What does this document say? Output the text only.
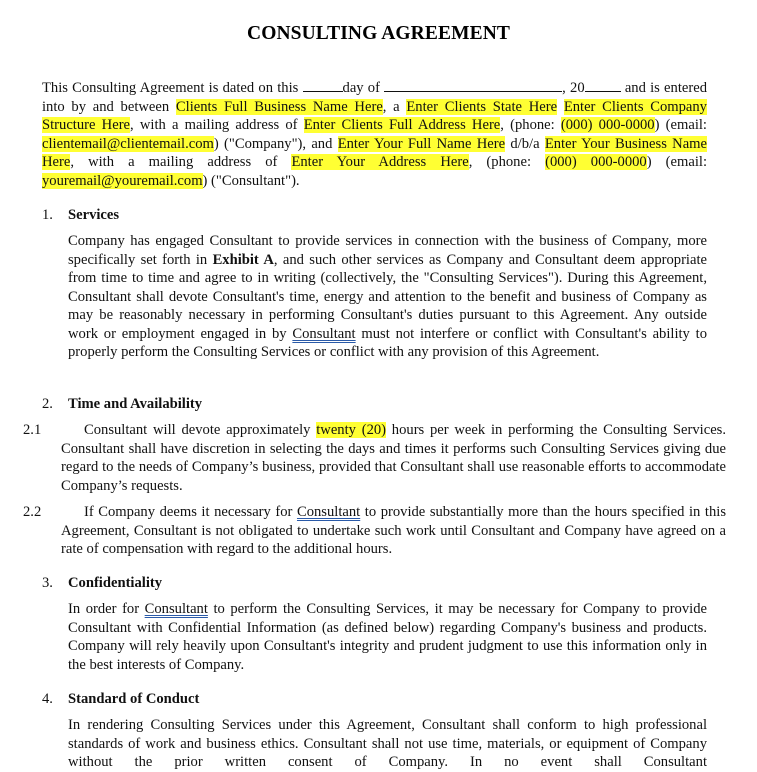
CONSULTING AGREEMENT
This Consulting Agreement is dated on this	day of	, 20 and is entered into by and between Clients Full Business Name Here, a Enter Clients State Here Enter Clients Company Structure Here, with a mailing address of Enter Clients Full Address Here, (phone: (000) 000-0000) (email: clientemail@clientemail.com) ("Company"), and Enter Your Full Name Here d/b/a Enter Your Business Name Here, with a mailing address of Enter Your Address Here, (phone: (000) 000-0000) (email: youremail@youremail.com) ("Consultant").
1. Services
Company has engaged Consultant to provide services in connection with the business of Company, more specifically set forth in Exhibit A, and such other services as Company and Consultant deem appropriate from time to time and agree to in writing (collectively, the "Consulting Services"). During this Agreement, Consultant shall devote Consultant's time, energy and attention to the benefit and business of Company as may be reasonably necessary in performing Consultant's duties pursuant to this Agreement. Any outside work or employment engaged in by Consultant must not interfere or conflict with Consultant's ability to properly perform the Consulting Services or conflict with any provision of this Agreement.
2. Time and Availability
2.1	Consultant will devote approximately twenty (20) hours per week in performing the Consulting Services. Consultant shall have discretion in selecting the days and times it performs such Consulting Services giving due regard to the needs of Company’s business, provided that Consultant shall use reasonable efforts to accommodate Company’s requests.
2.2	If Company deems it necessary for Consultant to provide substantially more than the hours specified in this Agreement, Consultant is not obligated to undertake such work until Consultant and Company have agreed on a rate of compensation with regard to the additional hours.
3. Confidentiality
In order for Consultant to perform the Consulting Services, it may be necessary for Company to provide Consultant with Confidential Information (as defined below) regarding Company's business and products. Company will rely heavily upon Consultant's integrity and prudent judgment to use this information only in the best interests of Company.
4. Standard of Conduct
In rendering Consulting Services under this Agreement, Consultant shall conform to high professional standards of work and business ethics. Consultant shall not use time, materials, or equipment of Company without the prior written consent of Company. In no event shall Consultant
